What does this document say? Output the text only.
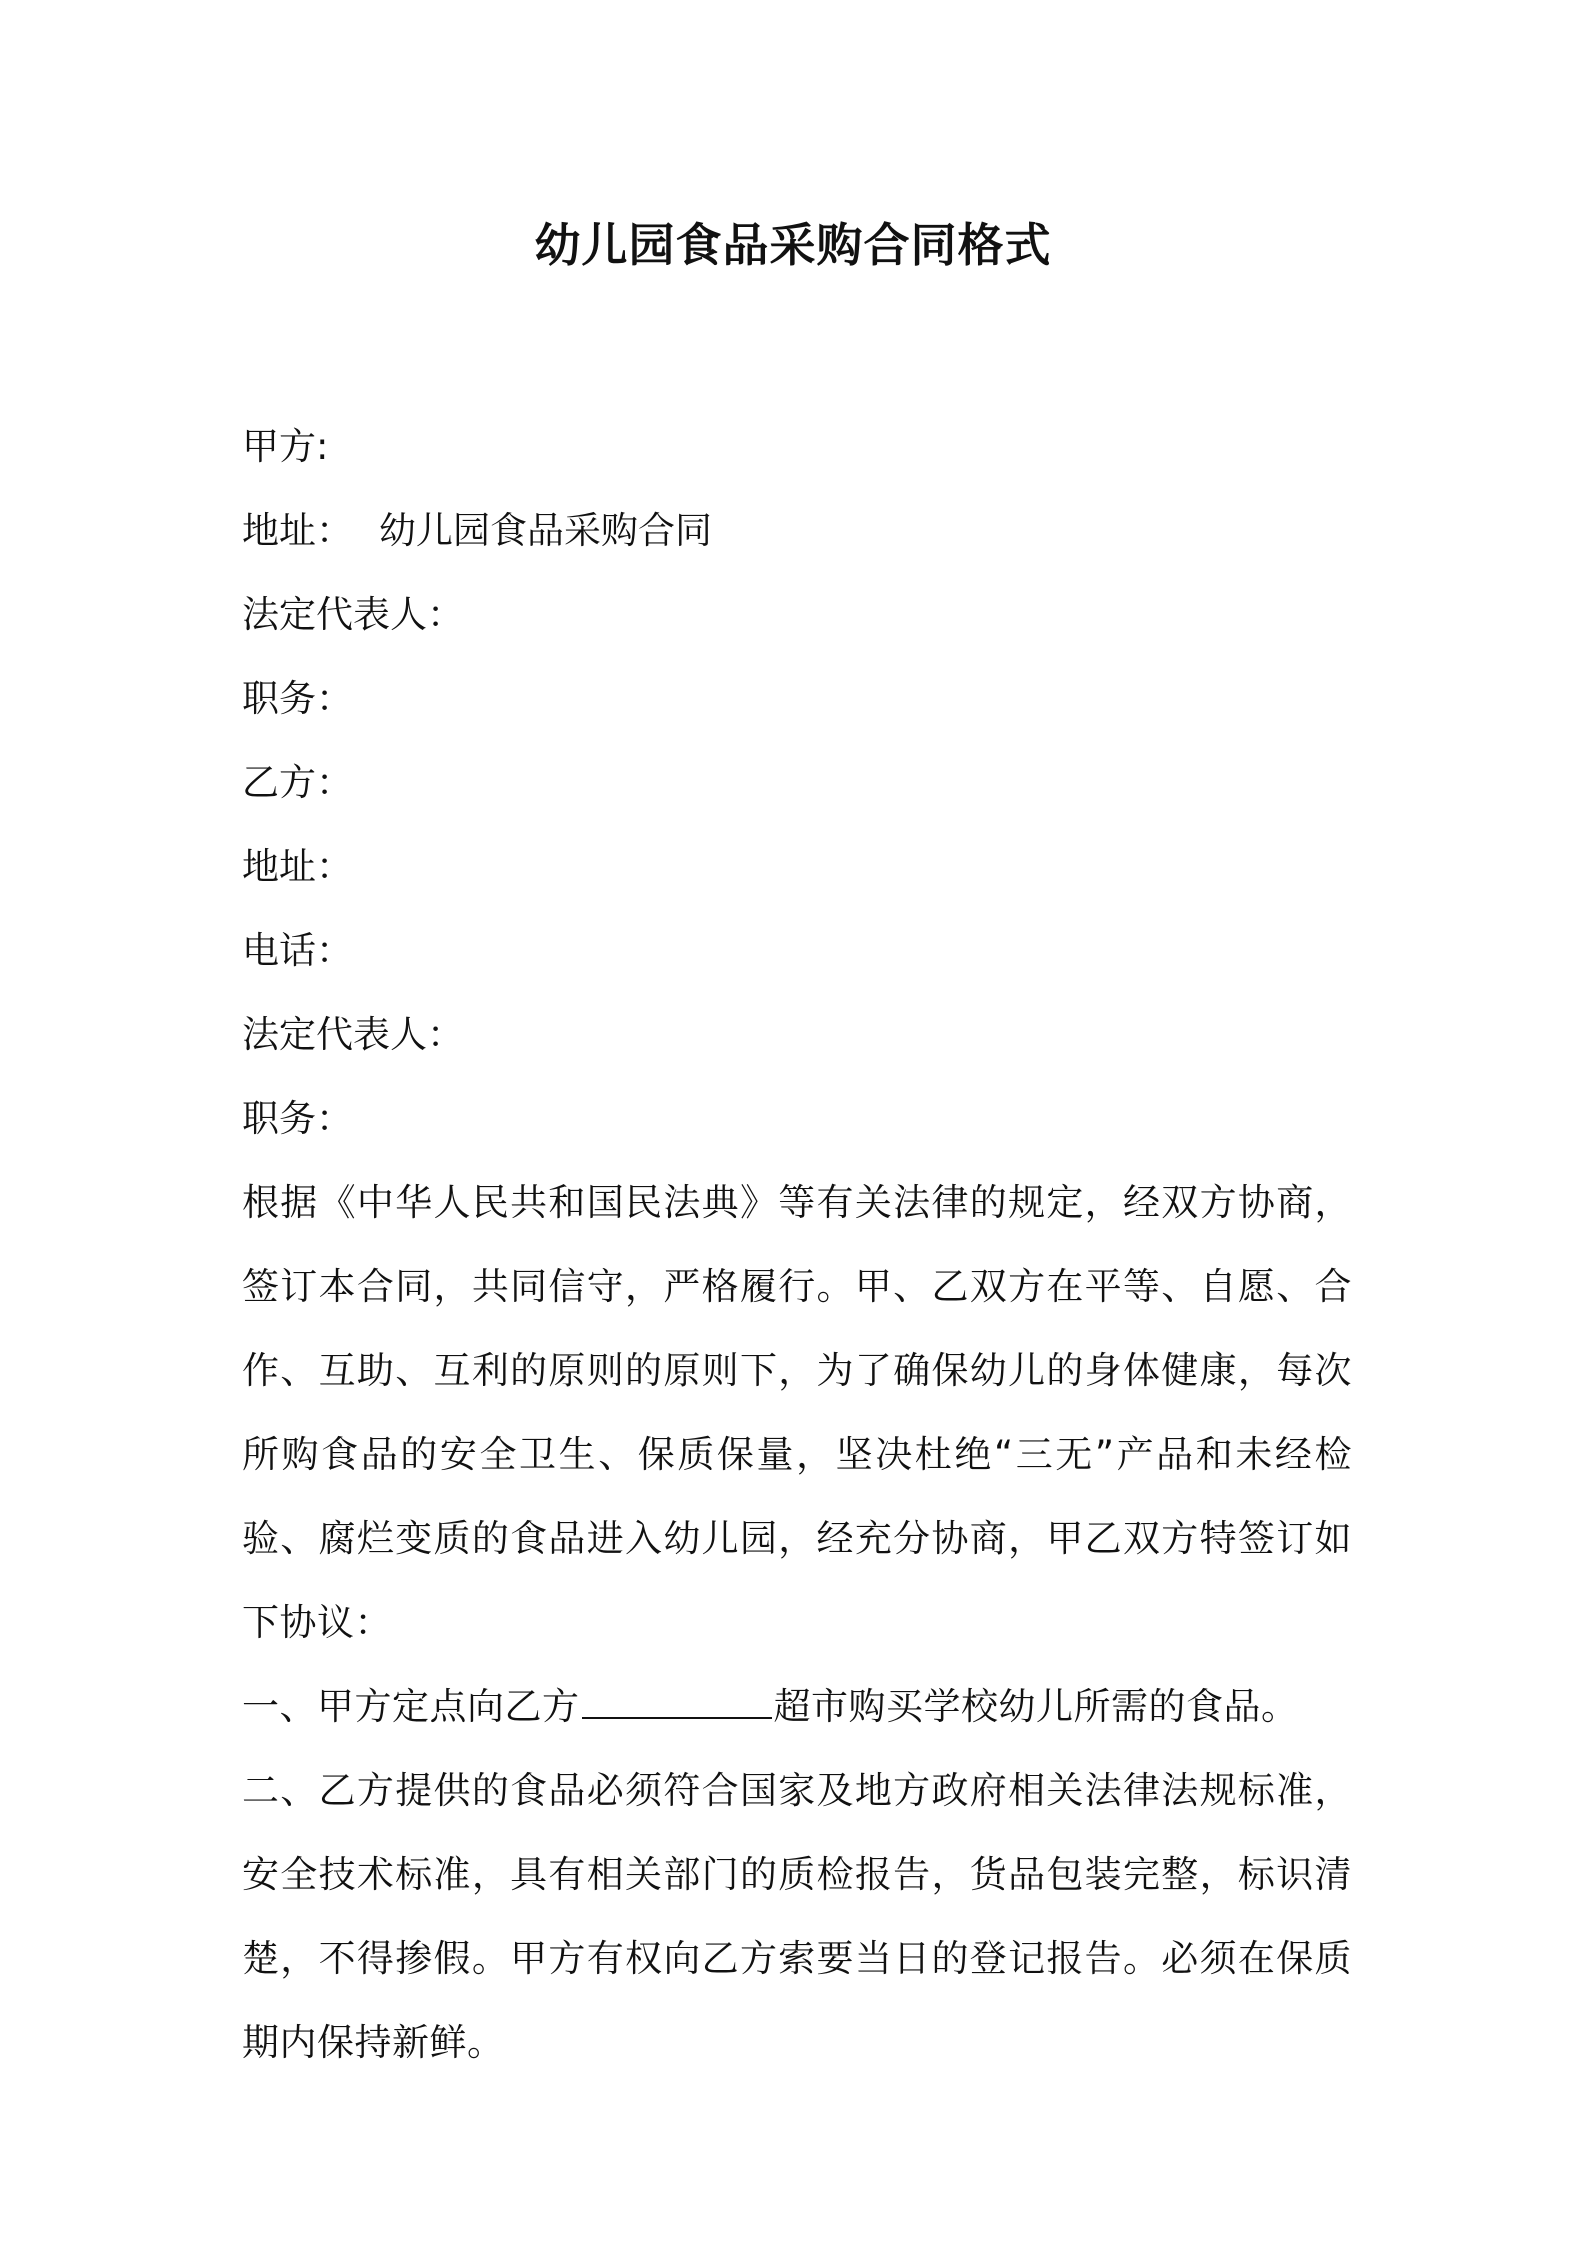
幼儿园食品采购合同格式
甲方:
地址： 幼儿园食品采购合同
法定代表人：
职务：
乙方：
地址：
电话：
法定代表人：
职务：
根据《中华人民共和国民法典》等有关法律的规定，经双方协商，签订本合同，共同信守，严格履行。甲、乙双方在平等、自愿、合作、互助、互利的原则的原则下，为了确保幼儿的身体健康，每次所购食品的安全卫生、保质保量，坚决杜绝“三无”产品和未经检验、腐烂变质的食品进入幼儿园，经充分协商，甲乙双方特签订如下协议：
一、甲方定点向乙方	超市购买学校幼儿所需的食品。
二、乙方提供的食品必须符合国家及地方政府相关法律法规标准，安全技术标准，具有相关部门的质检报告，货品包装完整，标识清楚，不得掺假。甲方有权向乙方索要当日的登记报告。必须在保质期内保持新鲜。
